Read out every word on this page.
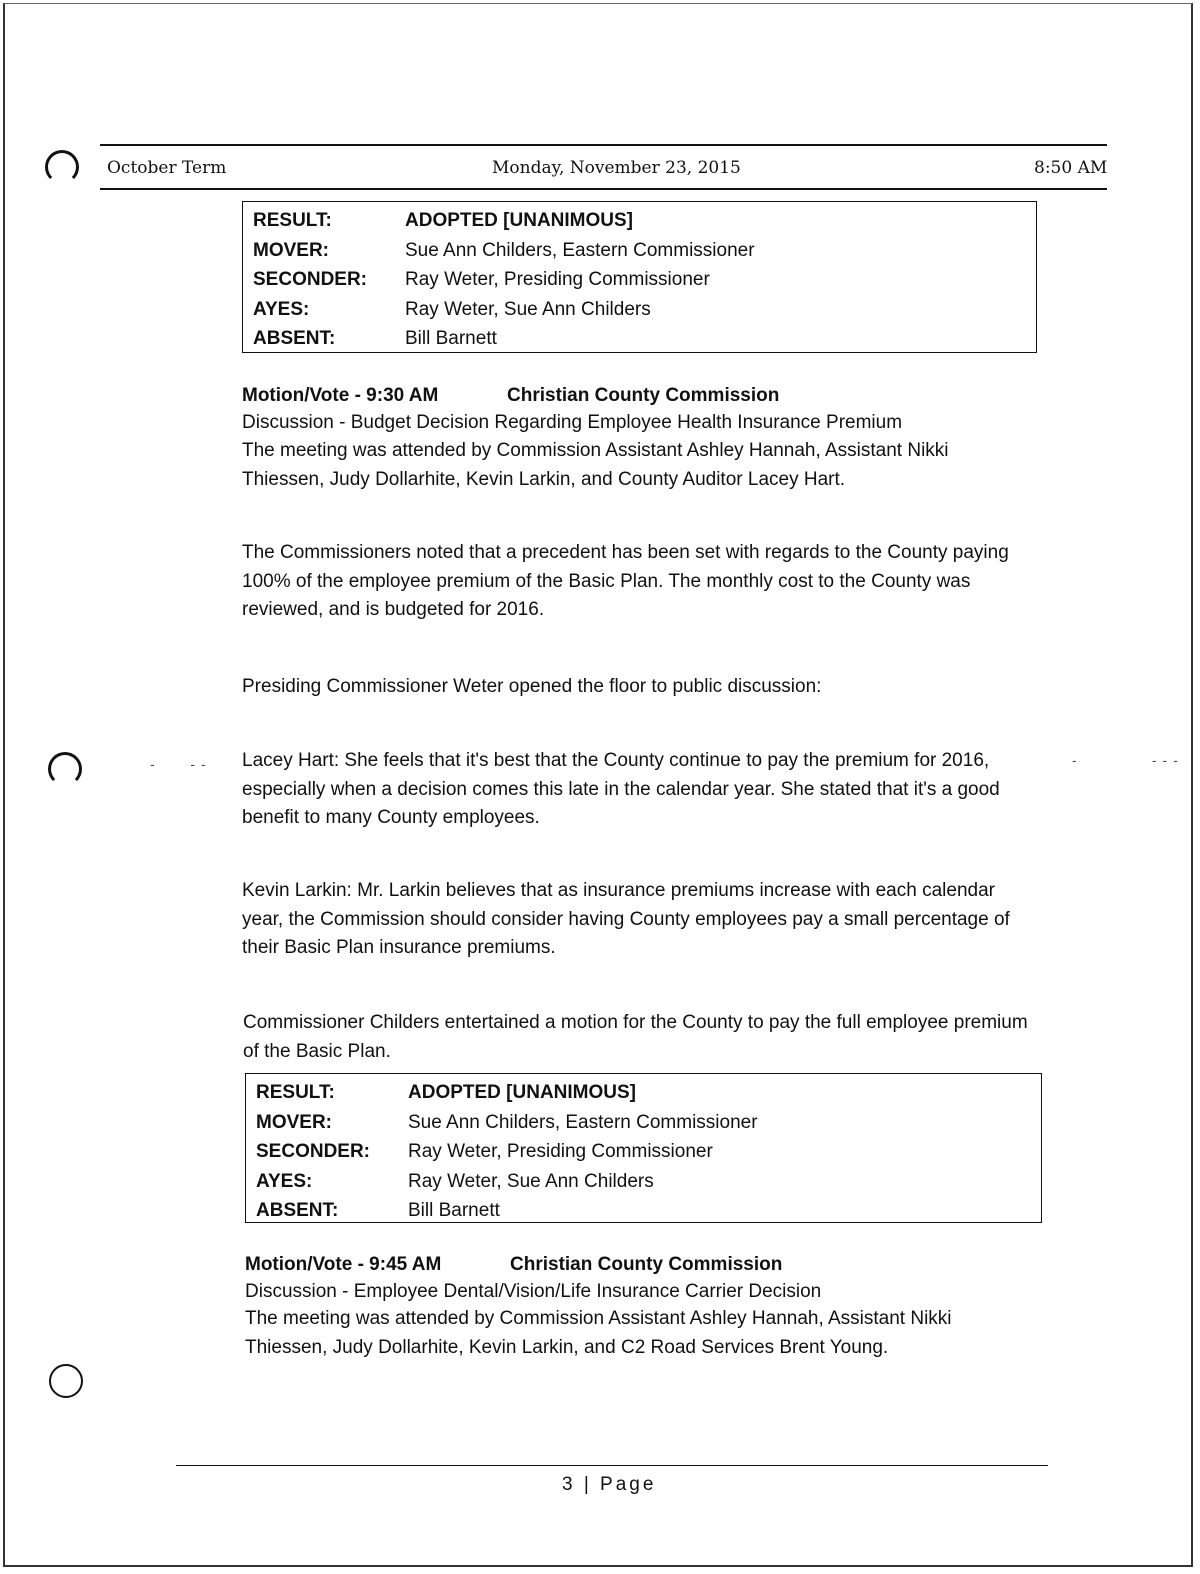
-   --	-       ---
October Term	Monday, November 23, 2015	8:50 AM
RESULT:	ADOPTED [UNANIMOUS]
MOVER:	Sue Ann Childers, Eastern Commissioner
SECONDER: Ray Weter, Presiding Commissioner
AYES:	Ray Weter, Sue Ann Childers
ABSENT:	Bill Barnett
Motion/Vote - 9:30 AM	Christian County Commission
Discussion - Budget Decision Regarding Employee Health Insurance Premium
The meeting was attended by Commission Assistant Ashley Hannah, Assistant Nikki Thiessen, Judy Dollarhite, Kevin Larkin, and County Auditor Lacey Hart.
The Commissioners noted that a precedent has been set with regards to the County paying 100% of the employee premium of the Basic Plan. The monthly cost to the County was reviewed, and is budgeted for 2016.
Presiding Commissioner Weter opened the floor to public discussion:
Lacey Hart: She feels that it's best that the County continue to pay the premium for 2016, especially when a decision comes this late in the calendar year. She stated that it's a good benefit to many County employees.
Kevin Larkin: Mr. Larkin believes that as insurance premiums increase with each calendar year, the Commission should consider having County employees pay a small percentage of their Basic Plan insurance premiums.
Commissioner Childers entertained a motion for the County to pay the full employee premium of the Basic Plan.
RESULT:	ADOPTED [UNANIMOUS]
MOVER:	Sue Ann Childers, Eastern Commissioner
SECONDER: Ray Weter, Presiding Commissioner
AYES:	Ray Weter, Sue Ann Childers
ABSENT:	Bill Barnett
Motion/Vote - 9:45 AM	Christian County Commission
Discussion - Employee Dental/Vision/Life Insurance Carrier Decision
The meeting was attended by Commission Assistant Ashley Hannah, Assistant Nikki Thiessen, Judy Dollarhite, Kevin Larkin, and C2 Road Services Brent Young.
3 | Page
